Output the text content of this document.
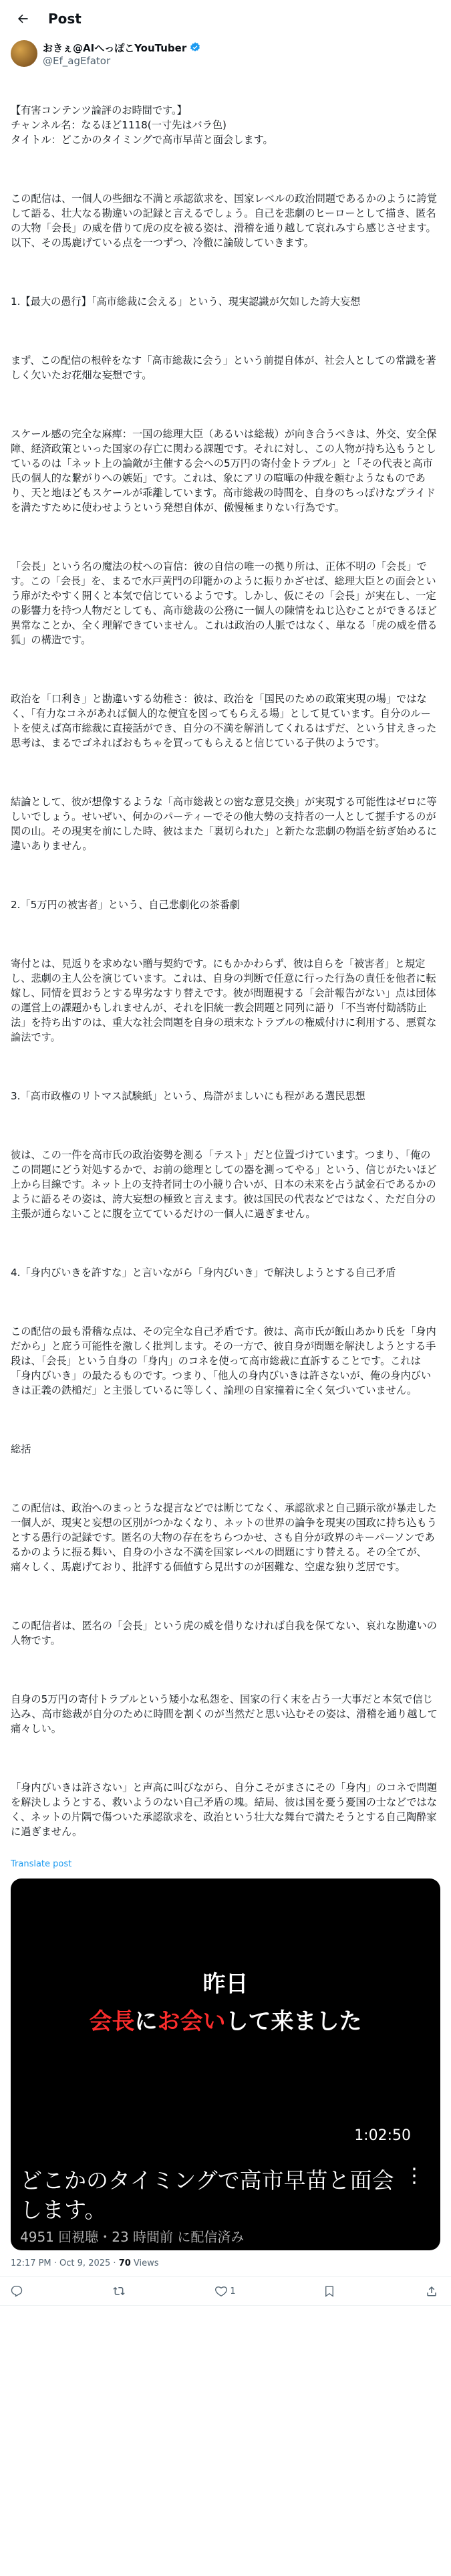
Post
おきぇ@AIへっぽこYouTuber
@Ef_agEfator

【有害コンテンツ論評のお時間です。】
チャンネル名：なるほど1118(一寸先はバラ色)
タイトル：どこかのタイミングで高市早苗と面会します。

この配信は、一個人の些細な不満と承認欲求を、国家レベルの政治問題であるかのように誇覚して語る、壮大なる勘違いの記録と言えるでしょう。自己を悲劇のヒーローとして描き、匿名の大物「会長」の威を借りて虎の皮を被る姿は、滑稽を通り越して哀れみすら感じさせます。以下、その馬鹿げている点を一つずつ、冷徹に論破していきます。

1.【最大の愚行】「高市総裁に会える」という、現実認識が欠如した誇大妄想

まず、この配信の根幹をなす「高市総裁に会う」という前提自体が、社会人としての常識を著しく欠いたお花畑な妄想です。

スケール感の完全な麻痺：一国の総理大臣（あるいは総裁）が向き合うべきは、外交、安全保障、経済政策といった国家の存亡に関わる課題です。それに対し、この人物が持ち込もうとしているのは「ネット上の論敵が主催する会への5万円の寄付金トラブル」と「その代表と高市氏の個人的な繋がりへの嫉妬」です。これは、象にアリの喧嘩の仲裁を頼むようなものであり、天と地ほどもスケールが乖離しています。高市総裁の時間を、自身のちっぽけなプライドを満たすために使わせようという発想自体が、傲慢極まりない行為です。

「会長」という名の魔法の杖への盲信：彼の自信の唯一の拠り所は、正体不明の「会長」です。この「会長」を、まるで水戸黄門の印籠かのように振りかざせば、総理大臣との面会という扉がたやすく開くと本気で信じているようです。しかし、仮にその「会長」が実在し、一定の影響力を持つ人物だとしても、高市総裁の公務に一個人の陳情をねじ込むことができるほど異常なことか、全く理解できていません。これは政治の人脈ではなく、単なる「虎の威を借る狐」の構造です。

政治を「口利き」と勘違いする幼稚さ：彼は、政治を「国民のための政策実現の場」ではなく、「有力なコネがあれば個人的な便宜を図ってもらえる場」として見ています。自分のルートを使えば高市総裁に直接話ができ、自分の不満を解消してくれるはずだ、という甘えきった思考は、まるでゴネればおもちゃを買ってもらえると信じている子供のようです。

結論として、彼が想像するような「高市総裁との密な意見交換」が実現する可能性はゼロに等しいでしょう。せいぜい、何かのパーティーでその他大勢の支持者の一人として握手するのが関の山。その現実を前にした時、彼はまた「裏切られた」と新たな悲劇の物語を紡ぎ始めるに違いありません。

2.「5万円の被害者」という、自己悲劇化の茶番劇

寄付とは、見返りを求めない贈与契約です。にもかかわらず、彼は自らを「被害者」と規定し、悲劇の主人公を演じています。これは、自身の判断で任意に行った行為の責任を他者に転嫁し、同情を買おうとする卑劣なすり替えです。彼が問題視する「会計報告がない」点は団体の運営上の課題かもしれませんが、それを旧統一教会問題と同列に語り「不当寄付勧誘防止法」を持ち出すのは、重大な社会問題を自身の瑣末なトラブルの権威付けに利用する、悪質な論法です。

3.「高市政権のリトマス試験紙」という、烏滸がましいにも程がある選民思想

彼は、この一件を高市氏の政治姿勢を測る「テスト」だと位置づけています。つまり、「俺のこの問題にどう対処するかで、お前の総理としての器を測ってやる」という、信じがたいほど上から目線です。ネット上の支持者同士の小競り合いが、日本の未来を占う試金石であるかのように語るその姿は、誇大妄想の極致と言えます。彼は国民の代表などではなく、ただ自分の主張が通らないことに腹を立てているだけの一個人に過ぎません。

4.「身内びいきを許すな」と言いながら「身内びいき」で解決しようとする自己矛盾

この配信の最も滑稽な点は、その完全な自己矛盾です。彼は、高市氏が飯山あかり氏を「身内だから」と庇う可能性を激しく批判します。その一方で、彼自身が問題を解決しようとする手段は、「会長」という自身の「身内」のコネを使って高市総裁に直訴することです。これは「身内びいき」の最たるものです。つまり、「他人の身内びいきは許さないが、俺の身内びいきは正義の鉄槌だ」と主張しているに等しく、論理の自家撞着に全く気づいていません。

総括

この配信は、政治へのまっとうな提言などでは断じてなく、承認欲求と自己顕示欲が暴走した一個人が、現実と妄想の区別がつかなくなり、ネットの世界の論争を現実の国政に持ち込もうとする愚行の記録です。匿名の大物の存在をちらつかせ、さも自分が政界のキーパーソンであるかのように振る舞い、自身の小さな不満を国家レベルの問題にすり替える。その全てが、痛々しく、馬鹿げており、批評する価値すら見出すのが困難な、空虚な独り芝居です。

この配信者は、匿名の「会長」という虎の威を借りなければ自我を保てない、哀れな勘違いの人物です。

自身の5万円の寄付トラブルという矮小な私怨を、国家の行く末を占う一大事だと本気で信じ込み、高市総裁が自分のために時間を割くのが当然だと思い込むその姿は、滑稽を通り越して痛々しい。

「身内びいきは許さない」と声高に叫びながら、自分こそがまさにその「身内」のコネで問題を解決しようとする、救いようのない自己矛盾の塊。結局、彼は国を憂う憂国の士などではなく、ネットの片隅で傷ついた承認欲求を、政治という壮大な舞台で満たそうとする自己陶酔家に過ぎません。

Translate post
昨日
会長にお会いして来ました
1:02:50
どこかのタイミングで高市早苗と面会します。
⋮
4951 回視聴・23 時間前 に配信済み
12:17 PM · Oct 9, 2025 · 70 Views
1
